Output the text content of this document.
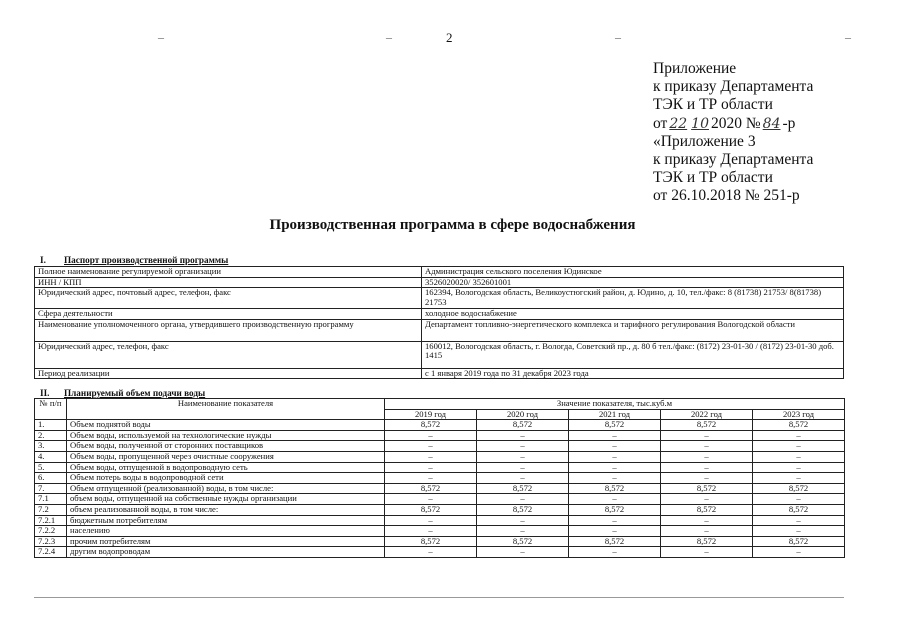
–	–	2	–	–
Приложение
к приказу Департамента
ТЭК и ТР области
от 22 10 2020 № 84 -р
«Приложение 3
к приказу Департамента
ТЭК и ТР области
от 26.10.2018 № 251-р
Производственная программа в сфере водоснабжения
I. Паспорт производственной программы
Полное наименование регулируемой организации	Администрация сельского поселения Юдинское
ИНН / КПП	3526020020/ 352601001
Юридический адрес, почтовый адрес, телефон, факс	162394, Вологодская область, Великоустюгский район, д. Юдино, д. 10, тел./факс: 8 (81738) 21753/ 8(81738) 21753
Сфера деятельности	холодное водоснабжение
Наименование уполномоченного органа, утвердившего производственную программу	Департамент топливно-энергетического комплекса и тарифного регулирования Вологодской области
Юридический адрес, телефон, факс	160012, Вологодская область, г. Вологда, Советский пр., д. 80 б тел./факс: (8172) 23-01-30 / (8172) 23-01-30 доб. 1415
Период реализации	с 1 января 2019 года по 31 декабря 2023 года
II. Планируемый объем подачи воды
№ п/п	Наименование показателя	Значение показателя, тыс.куб.м				
		2019 год	2020 год	2021 год	2022 год	2023 год
1.	Объем поднятой воды	8,572	8,572	8,572	8,572	8,572
2.	Объем воды, используемой на технологические нужды	–	–	–	–	–
3.	Объем воды, полученной от сторонних поставщиков	–	–	–	–	–
4.	Объем воды, пропущенной через очистные сооружения	–	–	–	–	–
5.	Объем воды, отпущенной в водопроводную сеть	–	–	–	–	–
6.	Объем потерь воды в водопроводной сети	–	–	–	–	–
7.	Объем отпущенной (реализованной) воды, в том числе:	8,572	8,572	8,572	8,572	8,572
7.1	объем воды, отпущенной на собственные нужды организации	–	–	–	–	–
7.2	объем реализованной воды, в том числе:	8,572	8,572	8,572	8,572	8,572
7.2.1	бюджетным потребителям	–	–	–	–	–
7.2.2	населению	–	–	–	–	–
7.2.3	прочим потребителям	8,572	8,572	8,572	8,572	8,572
7.2.4	другим водопроводам	–	–	–	–	–
